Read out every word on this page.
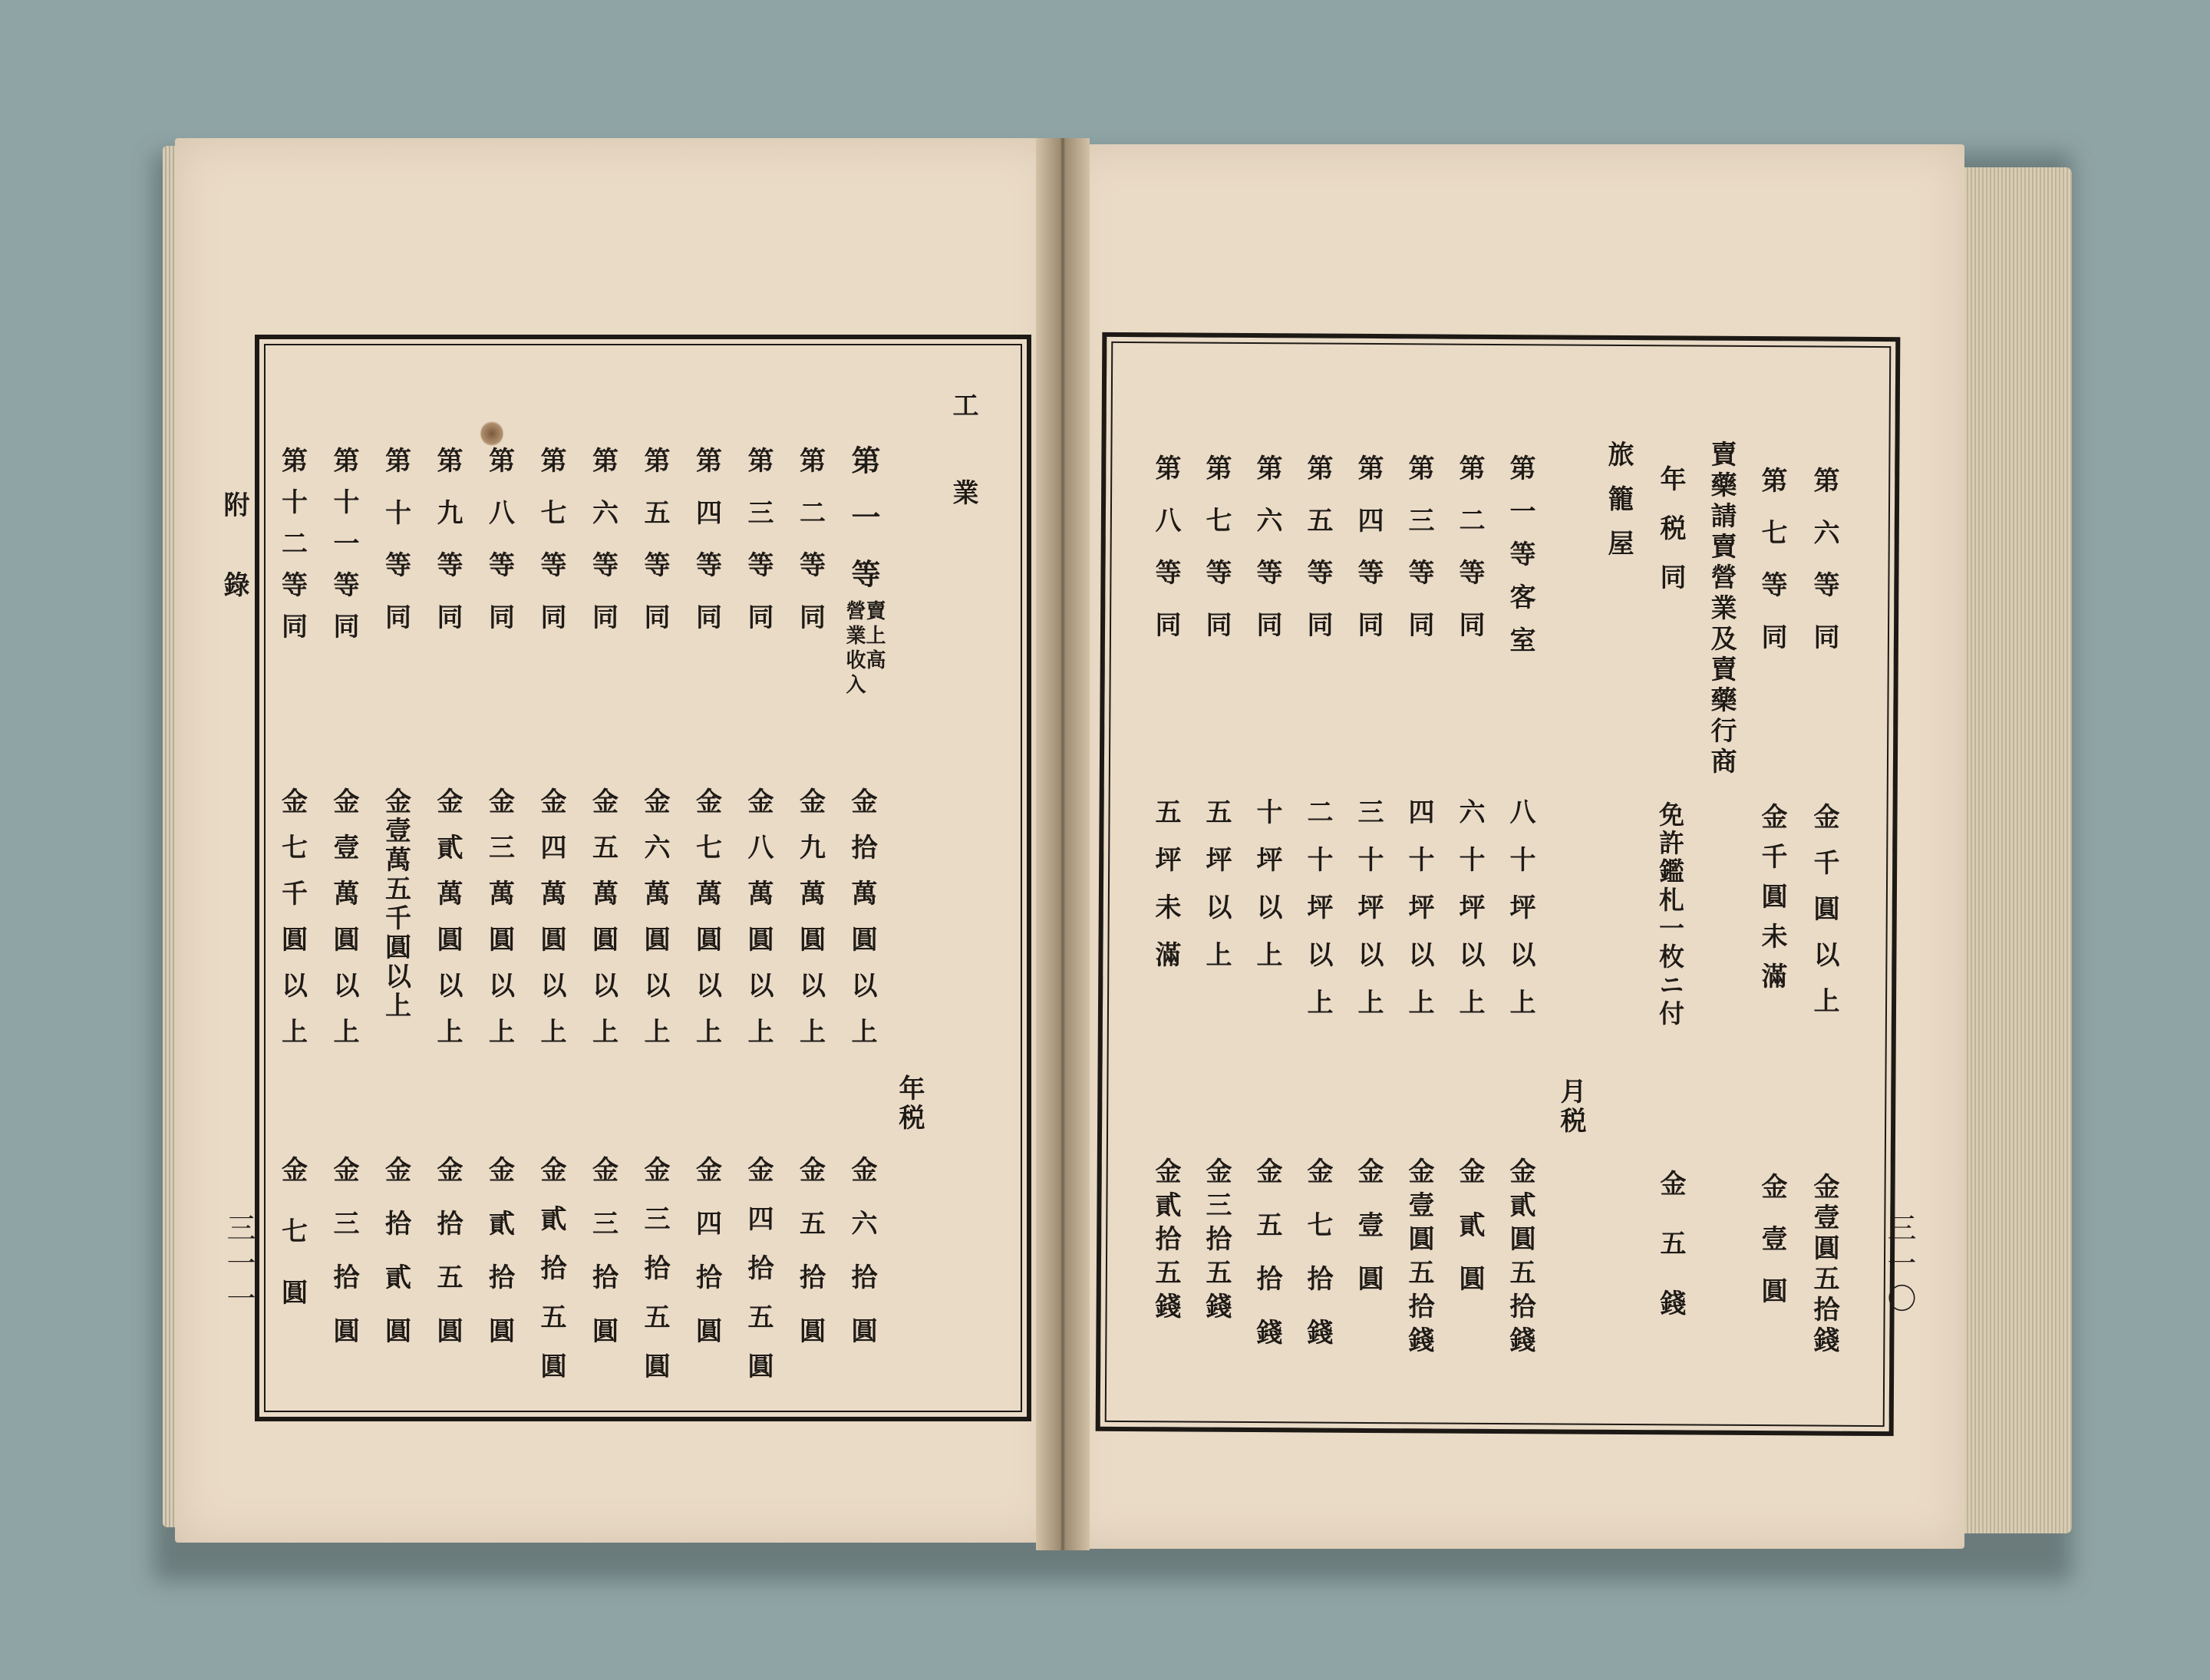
附錄
三一一
工業
年税
第一等
賣上高
營業收入
金拾萬圓以上
金六拾圓
第二等同
金九萬圓以上
金五拾圓
第三等同
金八萬圓以上
金四拾五圓
第四等同
金七萬圓以上
金四拾圓
第五等同
金六萬圓以上
金三拾五圓
第六等同
金五萬圓以上
金三拾圓
第七等同
金四萬圓以上
金貳拾五圓
第八等同
金三萬圓以上
金貳拾圓
第九等同
金貳萬圓以上
金拾五圓
第十等同
金壹萬五千圓以上
金拾貳圓
第十一等同
金壹萬圓以上
金三拾圓
第十二等同
金七千圓以上
金七圓	三一〇
第六等同
金千圓以上
金壹圓五拾錢
第七等同
金千圓未滿
金壹圓
賣藥請賣營業及賣藥行商
年税同
免許鑑札一枚ニ付
金五錢
旅籠屋
月税
第一等客室
八十坪以上
金貳圓五拾錢
第二等同
六十坪以上
金貳圓
第三等同
四十坪以上
金壹圓五拾錢
第四等同
三十坪以上
金壹圓
第五等同
二十坪以上
金七拾錢
第六等同
十坪以上
金五拾錢
第七等同
五坪以上
金三拾五錢
第八等同
五坪未滿
金貳拾五錢
